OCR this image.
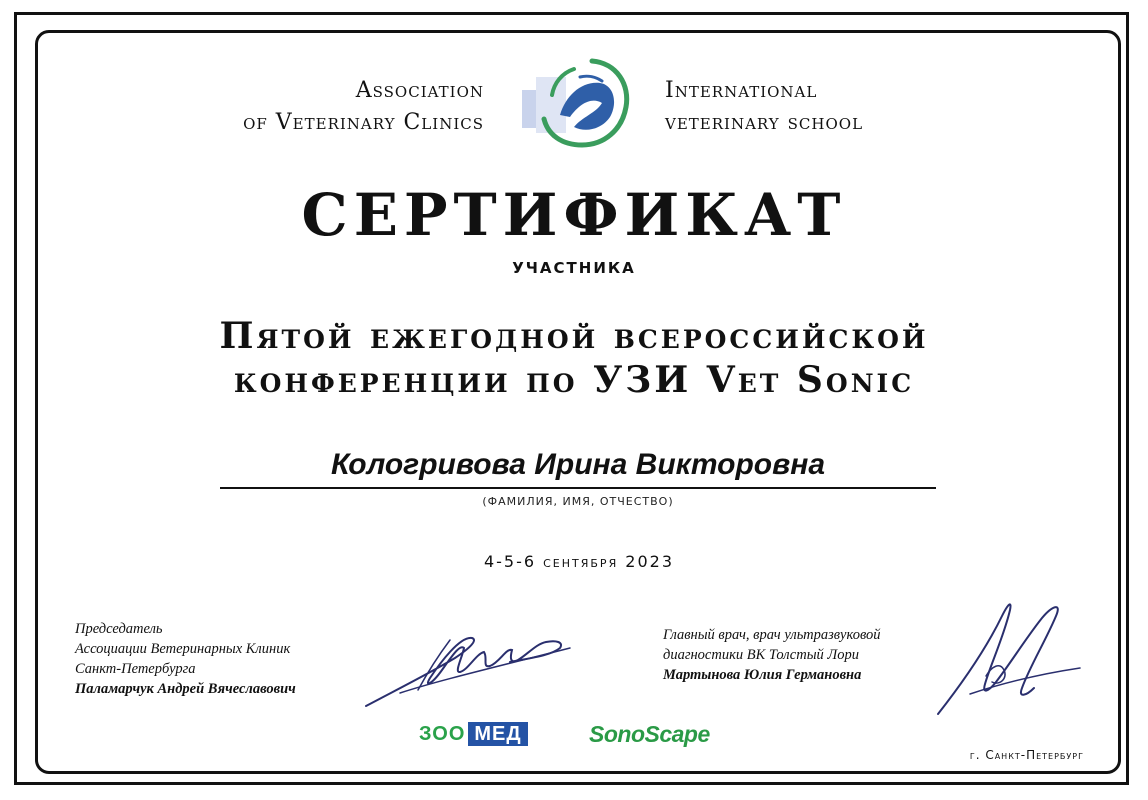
Association
of Veterinary Clinics
International
veterinary school
СЕРТИФИКАТ
УЧАСТНИКА
Пятой ежегодной всероссийской
конференции по УЗИ Vet Sonic
Кологривова Ирина Викторовна
(ФАМИЛИЯ, ИМЯ, ОТЧЕСТВО)
4-5-6 сентября 2023
Председатель
Ассоциации Ветеринарных Клиник
Санкт-Петербурга
Паламарчук Андрей Вячеславович
Главный врач, врач ультразвуковой
диагностики ВК Толстый Лори
Мартынова Юлия Германовна
ЗОО МЕД	SonoScape
г. Санкт-Петербург
